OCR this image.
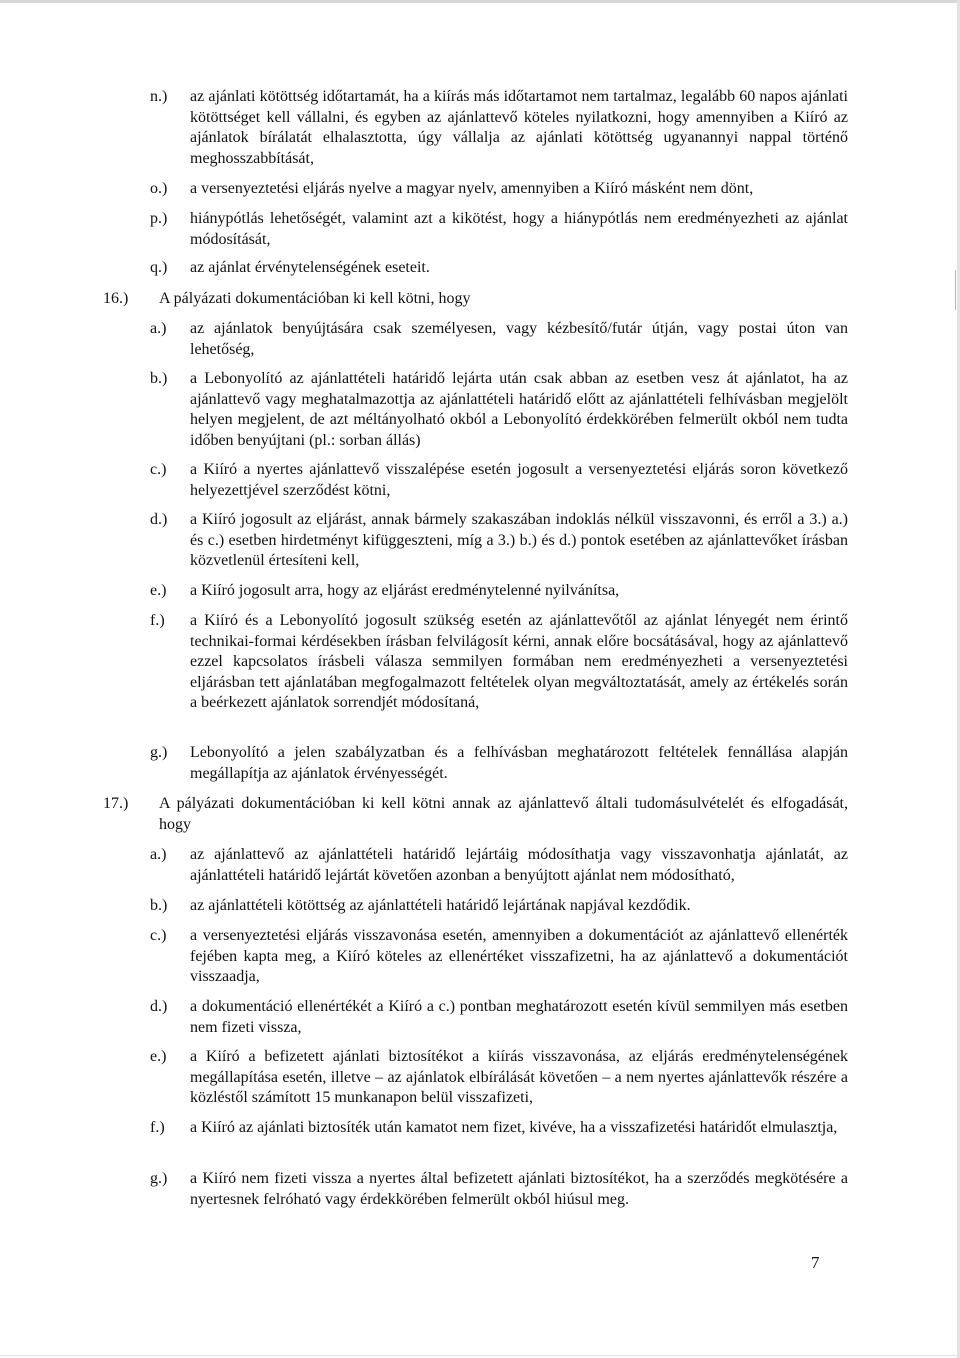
n.) az ajánlati kötöttség időtartamát, ha a kiírás más időtartamot nem tartalmaz, legalább 60 napos ajánlati kötöttséget kell vállalni, és egyben az ajánlattevő köteles nyilatkozni, hogy amennyiben a Kiíró az ajánlatok bírálatát elhalasztotta, úgy vállalja az ajánlati kötöttség ugyanannyi nappal történő meghosszabbítását,
o.) a versenyeztetési eljárás nyelve a magyar nyelv, amennyiben a Kiíró másként nem dönt,
p.) hiánypótlás lehetőségét, valamint azt a kikötést, hogy a hiánypótlás nem eredményezheti az ajánlat módosítását,
q.) az ajánlat érvénytelenségének eseteit.
16.) A pályázati dokumentációban ki kell kötni, hogy
a.) az ajánlatok benyújtására csak személyesen, vagy kézbesítő/futár útján, vagy postai úton van lehetőség,
b.) a Lebonyolító az ajánlattételi határidő lejárta után csak abban az esetben vesz át ajánlatot, ha az ajánlattevő vagy meghatalmazottja az ajánlattételi határidő előtt az ajánlattételi felhívásban megjelölt helyen megjelent, de azt méltányolható okból a Lebonyolító érdekkörében felmerült okból nem tudta időben benyújtani (pl.: sorban állás)
c.) a Kiíró a nyertes ajánlattevő visszalépése esetén jogosult a versenyeztetési eljárás soron következő helyezettjével szerződést kötni,
d.) a Kiíró jogosult az eljárást, annak bármely szakaszában indoklás nélkül visszavonni, és erről a 3.) a.) és c.) esetben hirdetményt kifüggeszteni, míg a 3.) b.) és d.) pontok esetében az ajánlattevőket írásban közvetlenül értesíteni kell,
e.) a Kiíró jogosult arra, hogy az eljárást eredménytelenné nyilvánítsa,
f.) a Kiíró és a Lebonyolító jogosult szükség esetén az ajánlattevőtől az ajánlat lényegét nem érintő technikai-formai kérdésekben írásban felvilágosít kérni, annak előre bocsátásával, hogy az ajánlattevő ezzel kapcsolatos írásbeli válasza semmilyen formában nem eredményezheti a versenyeztetési eljárásban tett ajánlatában megfogalmazott feltételek olyan megváltoztatását, amely az értékelés során a beérkezett ajánlatok sorrendjét módosítaná,
g.) Lebonyolító a jelen szabályzatban és a felhívásban meghatározott feltételek fennállása alapján megállapítja az ajánlatok érvényességét.
17.) A pályázati dokumentációban ki kell kötni annak az ajánlattevő általi tudomásulvételét és elfogadását, hogy
a.) az ajánlattevő az ajánlattételi határidő lejártáig módosíthatja vagy visszavonhatja ajánlatát, az ajánlattételi határidő lejártát követően azonban a benyújtott ajánlat nem módosítható,
b.) az ajánlattételi kötöttség az ajánlattételi határidő lejártának napjával kezdődik.
c.) a versenyeztetési eljárás visszavonása esetén, amennyiben a dokumentációt az ajánlattevő ellenérték fejében kapta meg, a Kiíró köteles az ellenértéket visszafizetni, ha az ajánlattevő a dokumentációt visszaadja,
d.) a dokumentáció ellenértékét a Kiíró a c.) pontban meghatározott esetén kívül semmilyen más esetben nem fizeti vissza,
e.) a Kiíró a befizetett ajánlati biztosítékot a kiírás visszavonása, az eljárás eredménytelenségének megállapítása esetén, illetve – az ajánlatok elbírálását követően – a nem nyertes ajánlattevők részére a közléstől számított 15 munkanapon belül visszafizeti,
f.) a Kiíró az ajánlati biztosíték után kamatot nem fizet, kivéve, ha a visszafizetési határidőt elmulasztja,
g.) a Kiíró nem fizeti vissza a nyertes által befizetett ajánlati biztosítékot, ha a szerződés megkötésére a nyertesnek felróható vagy érdekkörében felmerült okból hiúsul meg.
7
